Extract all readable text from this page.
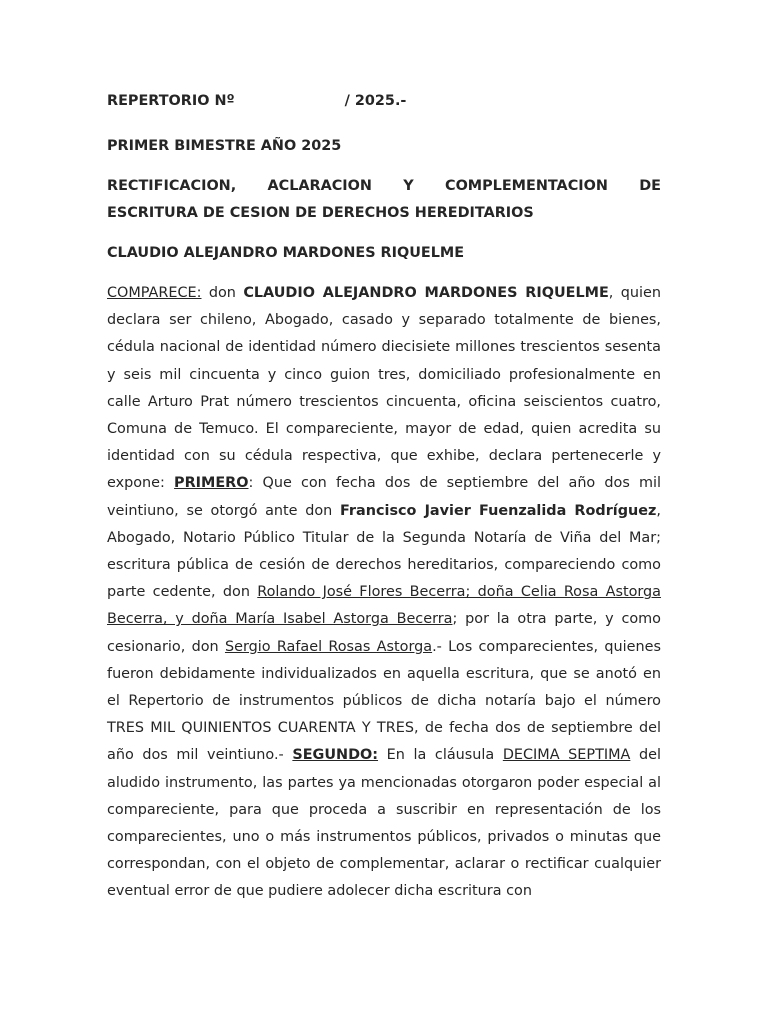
REPERTORIO Nº	/ 2025.-

PRIMER BIMESTRE AÑO 2025

RECTIFICACION, ACLARACION Y COMPLEMENTACION DE
ESCRITURA DE CESION DE DERECHOS HEREDITARIOS

CLAUDIO ALEJANDRO MARDONES RIQUELME

COMPARECE: don CLAUDIO ALEJANDRO MARDONES RIQUELME, quien declara ser chileno, Abogado, casado y separado totalmente de bienes, cédula nacional de identidad número diecisiete millones trescientos sesenta y seis mil cincuenta y cinco guion tres, domiciliado profesionalmente en calle Arturo Prat número trescientos cincuenta, oficina seiscientos cuatro, Comuna de Temuco. El compareciente, mayor de edad, quien acredita su identidad con su cédula respectiva, que exhibe, declara pertenecerle y expone: PRIMERO: Que con fecha dos de septiembre del año dos mil veintiuno, se otorgó ante don Francisco Javier Fuenzalida Rodríguez, Abogado, Notario Público Titular de la Segunda Notaría de Viña del Mar; escritura pública de cesión de derechos hereditarios, compareciendo como parte cedente, don Rolando José Flores Becerra; doña Celia Rosa Astorga Becerra, y doña María Isabel Astorga Becerra; por la otra parte, y como cesionario, don Sergio Rafael Rosas Astorga.- Los comparecientes, quienes fueron debidamente individualizados en aquella escritura, que se anotó en el Repertorio de instrumentos públicos de dicha notaría bajo el número TRES MIL QUINIENTOS CUARENTA Y TRES, de fecha dos de septiembre del año dos mil veintiuno.- SEGUNDO: En la cláusula DECIMA SEPTIMA del aludido instrumento, las partes ya mencionadas otorgaron poder especial al compareciente, para que proceda a suscribir en representación de los comparecientes, uno o más instrumentos públicos, privados o minutas que correspondan, con el objeto de complementar, aclarar o rectificar cualquier eventual error de que pudiere adolecer dicha escritura con
